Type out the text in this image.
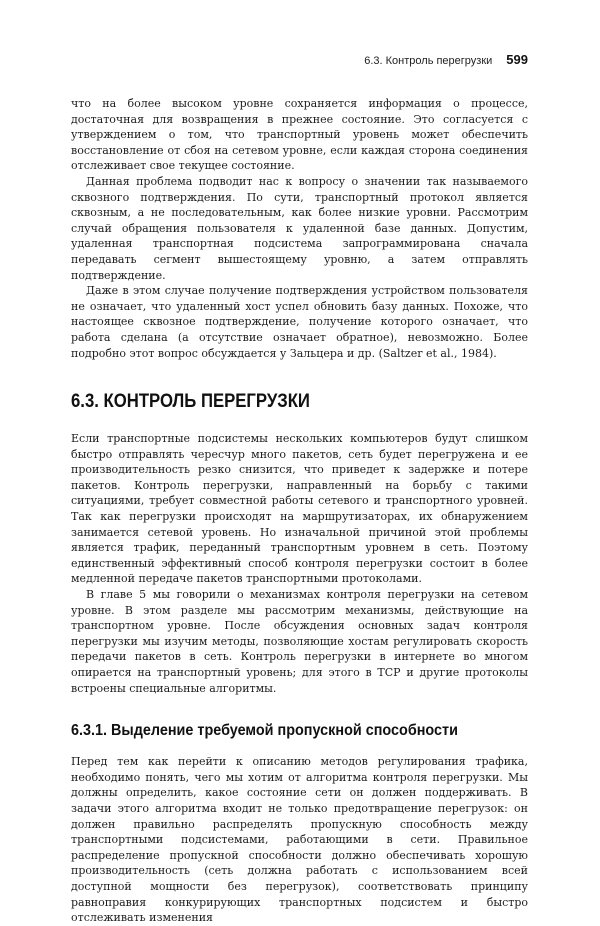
6.3. Контроль перегрузки 599

что на более высоком уровне сохраняется информация о процессе, достаточная для возвращения в прежнее состояние. Это согласуется с утверждением о том, что транспортный уровень может обеспечить восстановление от сбоя на сетевом уровне, если каждая сторона соединения отслеживает свое текущее состояние.

Данная проблема подводит нас к вопросу о значении так называемого сквозного подтверждения. По сути, транспортный протокол является сквозным, а не последовательным, как более низкие уровни. Рассмотрим случай обращения пользователя к удаленной базе данных. Допустим, удаленная транспортная подсистема запрограммирована сначала передавать сегмент вышестоящему уровню, а затем отправлять подтверждение.

Даже в этом случае получение подтверждения устройством пользователя не означает, что удаленный хост успел обновить базу данных. Похоже, что настоящее сквозное подтверждение, получение которого означает, что работа сделана (а отсутствие означает обратное), невозможно. Более подробно этот вопрос обсуждается у Зальцера и др. (Saltzer et al., 1984).

6.3. КОНТРОЛЬ ПЕРЕГРУЗКИ

Если транспортные подсистемы нескольких компьютеров будут слишком быстро отправлять чересчур много пакетов, сеть будет перегружена и ее производительность резко снизится, что приведет к задержке и потере пакетов. Контроль перегрузки, направленный на борьбу с такими ситуациями, требует совместной работы сетевого и транспортного уровней. Так как перегрузки происходят на маршрутизаторах, их обнаружением занимается сетевой уровень. Но изначальной причиной этой проблемы является трафик, переданный транспортным уровнем в сеть. Поэтому единственный эффективный способ контроля перегрузки состоит в более медленной передаче пакетов транспортными протоколами.

В главе 5 мы говорили о механизмах контроля перегрузки на сетевом уровне. В этом разделе мы рассмотрим механизмы, действующие на транспортном уровне. После обсуждения основных задач контроля перегрузки мы изучим методы, позволяющие хостам регулировать скорость передачи пакетов в сеть. Контроль перегрузки в интернете во многом опирается на транспортный уровень; для этого в TCP и другие протоколы встроены специальные алгоритмы.

6.3.1. Выделение требуемой пропускной способности

Перед тем как перейти к описанию методов регулирования трафика, необходимо понять, чего мы хотим от алгоритма контроля перегрузки. Мы должны определить, какое состояние сети он должен поддерживать. В задачи этого алгоритма входит не только предотвращение перегрузок: он должен правильно распределять пропускную способность между транспортными подсистемами, работающими в сети. Правильное распределение пропускной способности должно обеспечивать хорошую производительность (сеть должна работать с использованием всей доступной мощности без перегрузок), соответствовать принципу равноправия конкурирующих транспортных подсистем и быстро отслеживать изменения
